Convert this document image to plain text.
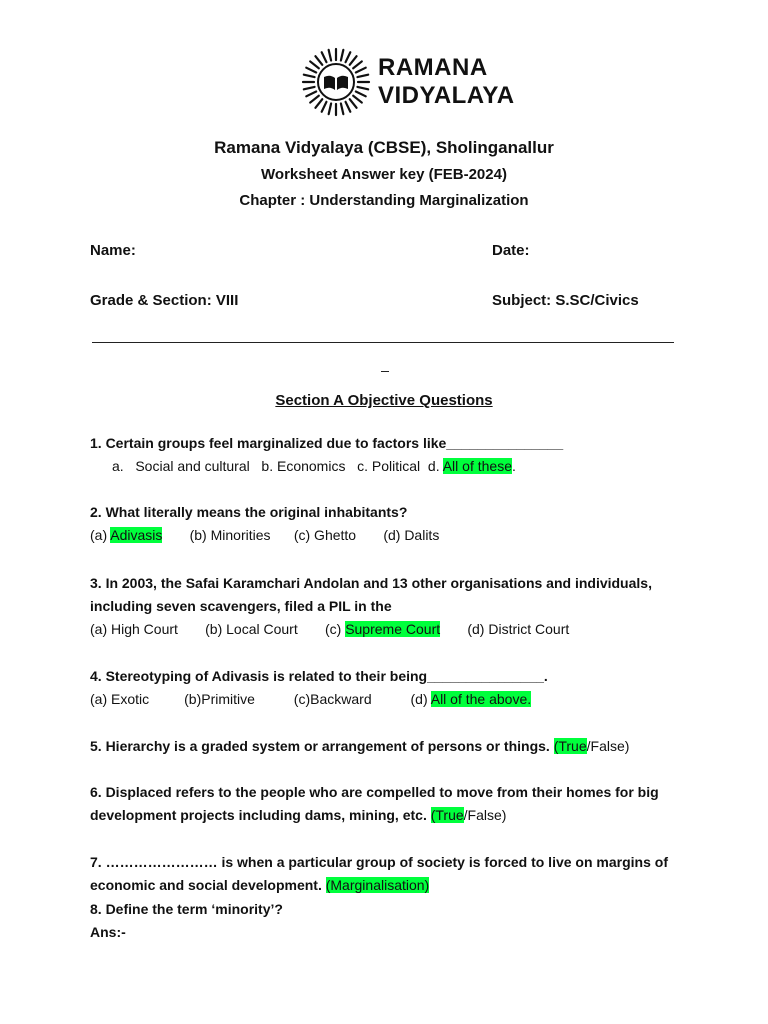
RAMANA
VIDYALAYA
Ramana Vidyalaya (CBSE), Sholinganallur
Worksheet Answer key (FEB-2024)
Chapter : Understanding Marginalization
Name:	Date:
Grade & Section: VIII	Subject: S.SC/Civics
Section A Objective Questions
1. Certain groups feel marginalized due to factors like_______________
a.   Social and cultural   b. Economics   c. Political  d. All of these.
2. What literally means the original inhabitants?
(a) Adivasis       (b) Minorities      (c) Ghetto       (d) Dalits
3. In 2003, the Safai Karamchari Andolan and 13 other organisations and individuals,
including seven scavengers, filed a PIL in the
(a) High Court       (b) Local Court       (c) Supreme Court       (d) District Court
4. Stereotyping of Adivasis is related to their being_______________.
(a) Exotic         (b)Primitive          (c)Backward          (d) All of the above.
5. Hierarchy is a graded system or arrangement of persons or things. (True/False)
6. Displaced refers to the people who are compelled to move from their homes for big
development projects including dams, mining, etc. (True/False)
7. …………………… is when a particular group of society is forced to live on margins of
economic and social development. (Marginalisation)
8. Define the term ‘minority’?
Ans:-
